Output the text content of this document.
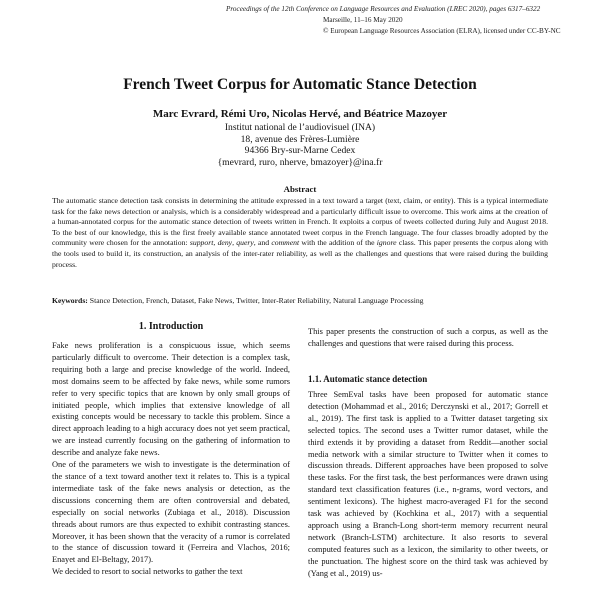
Proceedings of the 12th Conference on Language Resources and Evaluation (LREC 2020), pages 6317–6322
Marseille, 11–16 May 2020
© European Language Resources Association (ELRA), licensed under CC-BY-NC
French Tweet Corpus for Automatic Stance Detection
Marc Evrard, Rémi Uro, Nicolas Hervé, and Béatrice Mazoyer
Institut national de l’audiovisuel (INA)
18, avenue des Frères-Lumière
94366 Bry-sur-Marne Cedex
{mevrard, ruro, nherve, bmazoyer}@ina.fr
Abstract
The automatic stance detection task consists in determining the attitude expressed in a text toward a target (text, claim, or entity). This is a typical intermediate task for the fake news detection or analysis, which is a considerably widespread and a particularly difficult issue to overcome. This work aims at the creation of a human-annotated corpus for the automatic stance detection of tweets written in French. It exploits a corpus of tweets collected during July and August 2018. To the best of our knowledge, this is the first freely available stance annotated tweet corpus in the French language. The four classes broadly adopted by the community were chosen for the annotation: support, deny, query, and comment with the addition of the ignore class. This paper presents the corpus along with the tools used to build it, its construction, an analysis of the inter-rater reliability, as well as the challenges and questions that were raised during the building process.
Keywords: Stance Detection, French, Dataset, Fake News, Twitter, Inter-Rater Reliability, Natural Language Processing
1. Introduction

Fake news proliferation is a conspicuous issue, which seems particularly difficult to overcome. Their detection is a complex task, requiring both a large and precise knowledge of the world. Indeed, most domains seem to be affected by fake news, while some rumors refer to very specific topics that are known by only small groups of initiated people, which implies that extensive knowledge of all existing concepts would be necessary to tackle this problem. Since a direct approach leading to a high accuracy does not yet seem practical, we are instead currently focusing on the gathering of information to describe and analyze fake news.

One of the parameters we wish to investigate is the determination of the stance of a text toward another text it relates to. This is a typical intermediate task of the fake news analysis or detection, as the discussions concerning them are often controversial and debated, especially on social networks (Zubiaga et al., 2018). Discussion threads about rumors are thus expected to exhibit contrasting stances. Moreover, it has been shown that the veracity of a rumor is correlated to the stance of discussion toward it (Ferreira and Vlachos, 2016; Enayet and El-Beltagy, 2017).

We decided to resort to social networks to gather the text

This paper presents the construction of such a corpus, as well as the challenges and questions that were raised during this process.
1.1. Automatic stance detection
Three SemEval tasks have been proposed for automatic stance detection (Mohammad et al., 2016; Derczynski et al., 2017; Gorrell et al., 2019). The first task is applied to a Twitter dataset targeting six selected topics. The second uses a Twitter rumor dataset, while the third extends it by providing a dataset from Reddit—another social media network with a similar structure to Twitter when it comes to discussion threads. Different approaches have been proposed to solve these tasks. For the first task, the best performances were drawn using standard text classification features (i.e., n-grams, word vectors, and sentiment lexicons). The highest macro-averaged F1 for the second task was achieved by (Kochkina et al., 2017) with a sequential approach using a Branch-Long short-term memory recurrent neural network (Branch-LSTM) architecture. It also resorts to several computed features such as a lexicon, the similarity to other tweets, or the punctuation. The highest score on the third task was achieved by (Yang et al., 2019) us-
